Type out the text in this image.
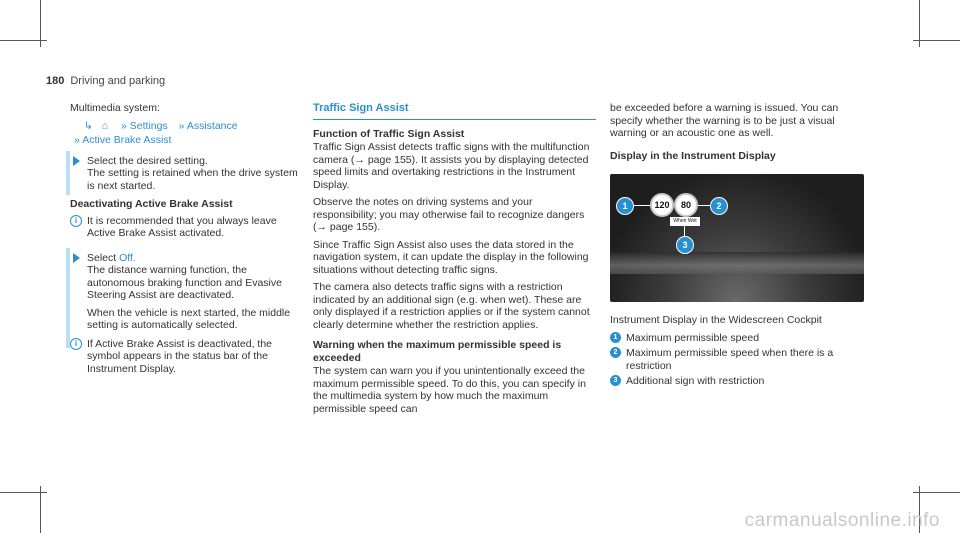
180 Driving and parking
Multimedia system:
↳ ⌂ » Settings » Assistance
» Active Brake Assist
Select the desired setting.
The setting is retained when the drive system is next started.
Deactivating Active Brake Assist
i It is recommended that you always leave Active Brake Assist activated.
Select Off.
The distance warning function, the autonomous braking function and Evasive Steering Assist are deactivated.
When the vehicle is next started, the middle setting is automatically selected.
i If Active Brake Assist is deactivated, the symbol appears in the status bar of the Instrument Display.
Traffic Sign Assist
Function of Traffic Sign Assist
Traffic Sign Assist detects traffic signs with the multifunction camera (→ page 155). It assists you by displaying detected speed limits and overtaking restrictions in the Instrument Display.
Observe the notes on driving systems and your responsibility; you may otherwise fail to recognize dangers (→ page 155).
Since Traffic Sign Assist also uses the data stored in the navigation system, it can update the display in the following situations without detecting traffic signs.
The camera also detects traffic signs with a restriction indicated by an additional sign (e.g. when wet). These are only displayed if a restriction applies or if the system cannot clearly determine whether the restriction applies.
Warning when the maximum permissible speed is exceeded
The system can warn you if you unintentionally exceed the maximum permissible speed. To do this, you can specify in the multimedia system by how much the maximum permissible speed can
be exceeded before a warning is issued. You can specify whether the warning is to be just a visual warning or an acoustic one as well.
Display in the Instrument Display
1	120	80	2
When Wet
3
Instrument Display in the Widescreen Cockpit
1 Maximum permissible speed
2 Maximum permissible speed when there is a restriction
3 Additional sign with restriction
carmanualsonline.info
